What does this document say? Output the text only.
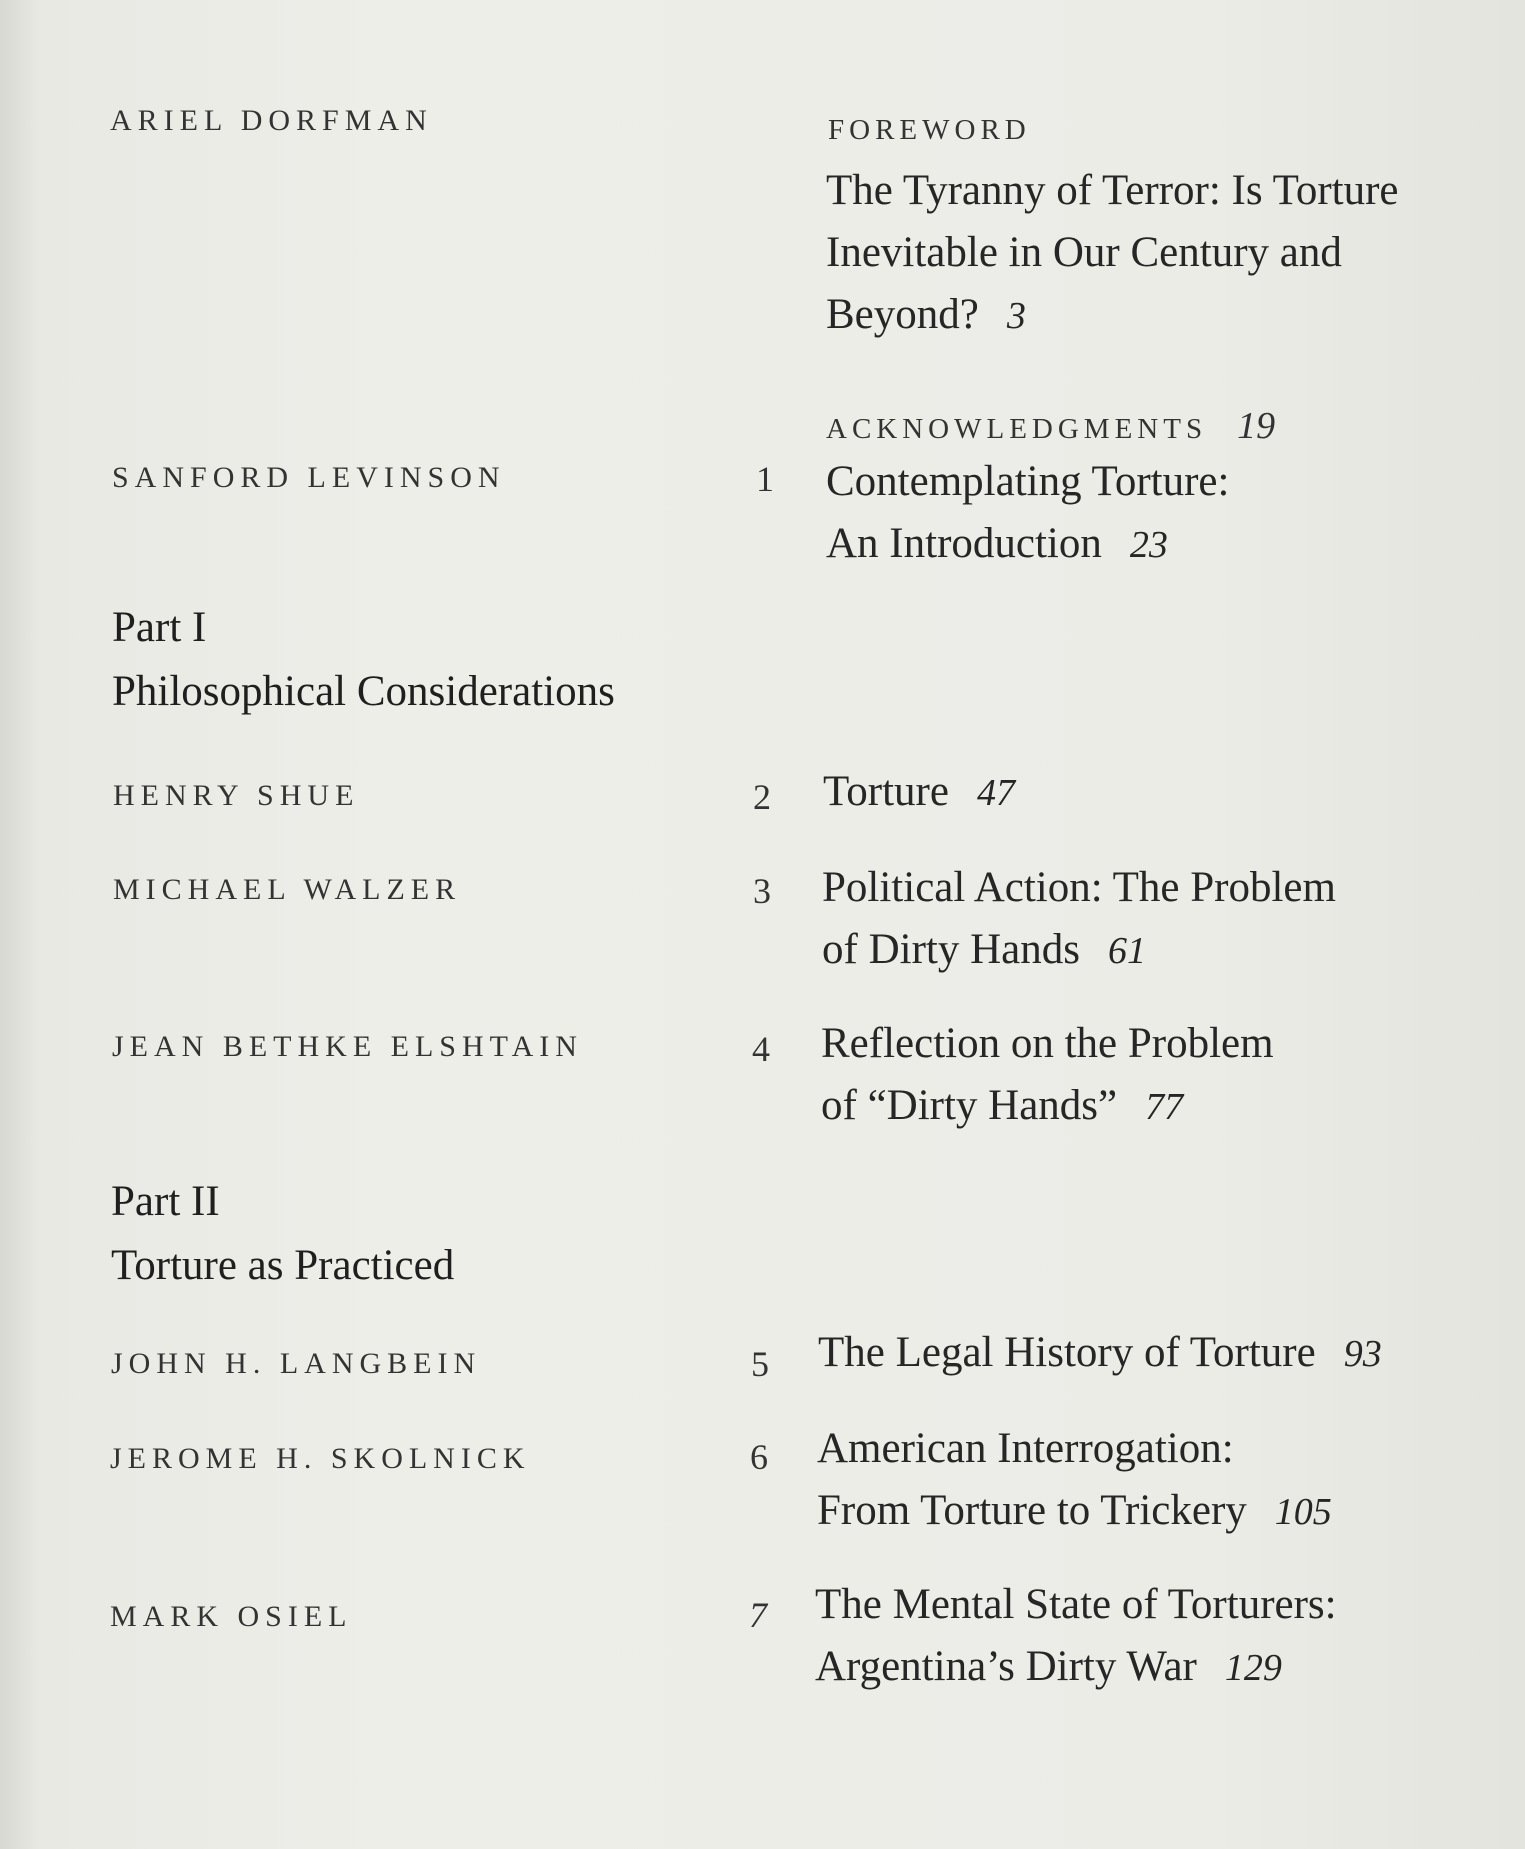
ARIEL DORFMAN	FOREWORD
The Tyranny of Terror: Is Torture
Inevitable in Our Century and
Beyond? 3
ACKNOWLEDGMENTS 19
SANFORD LEVINSON	1 Contemplating Torture:
An Introduction 23
Part I
Philosophical Considerations
HENRY SHUE	2 Torture 47
MICHAEL WALZER	3 Political Action: The Problem
of Dirty Hands 61
JEAN BETHKE ELSHTAIN	4 Reflection on the Problem
of “Dirty Hands” 77
Part II
Torture as Practiced
JOHN H. LANGBEIN	5 The Legal History of Torture 93
JEROME H. SKOLNICK	6 American Interrogation:
From Torture to Trickery 105
MARK OSIEL	7 The Mental State of Torturers:
Argentina’s Dirty War 129
